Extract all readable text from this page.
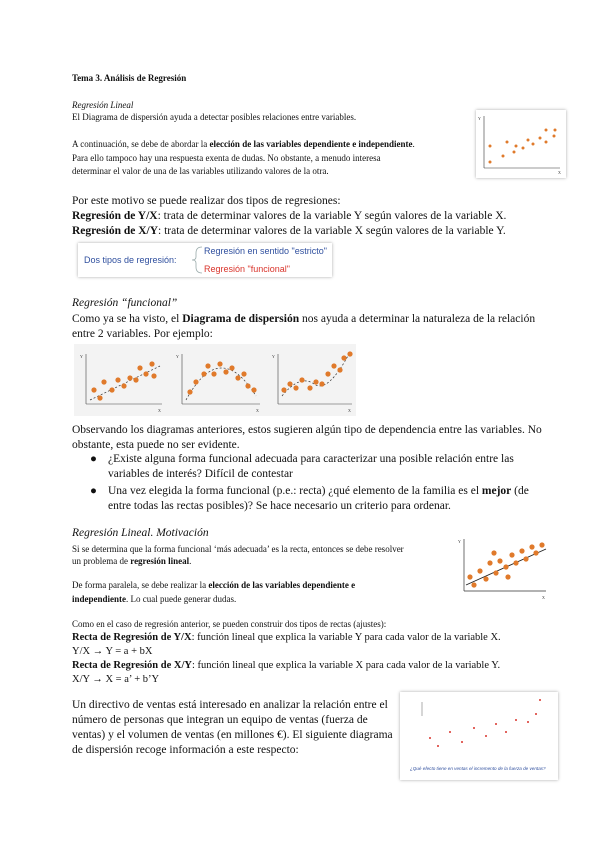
Tema 3. Análisis de Regresión
Regresión Lineal
El Diagrama de dispersión ayuda a detectar posibles relaciones entre variables.
A continuación, se debe de abordar la elección de las variables dependiente e independiente.
Para ello tampoco hay una respuesta exenta de dudas. No obstante, a menudo interesa
determinar el valor de una de las variables utilizando valores de la otra.
Y
X
Por este motivo se puede realizar dos tipos de regresiones:
Regresión de Y/X: trata de determinar valores de la variable Y según valores de la variable X.
Regresión de X/Y: trata de determinar valores de la variable X según valores de la variable Y.
Dos tipos de regresión:
Regresión en sentido "estricto"
Regresión "funcional"
Regresión “funcional”
Como ya se ha visto, el Diagrama de dispersión nos ayuda a determinar la naturaleza de la relación
entre 2 variables. Por ejemplo:
Y
X
Y
X
Y
X
Observando los diagramas anteriores, estos sugieren algún tipo de dependencia entre las variables. No
obstante, esta puede no ser evidente.
● ¿Existe alguna forma funcional adecuada para caracterizar una posible relación entre las
variables de interés? Difícil de contestar
● Una vez elegida la forma funcional (p.e.: recta) ¿qué elemento de la familia es el mejor (de
entre todas las rectas posibles)? Se hace necesario un criterio para ordenar.
Regresión Lineal. Motivación
Si se determina que la forma funcional ‘más adecuada’ es la recta, entonces se debe resolver
un problema de regresión lineal.
De forma paralela, se debe realizar la elección de las variables dependiente e
independiente. Lo cual puede generar dudas.
Y
X
Como en el caso de regresión anterior, se pueden construir dos tipos de rectas (ajustes):
Recta de Regresión de Y/X: función lineal que explica la variable Y para cada valor de la variable X.
Y/X → Y = a + bX
Recta de Regresión de X/Y: función lineal que explica la variable X para cada valor de la variable Y.
X/Y → X = a’ + b’Y
Un directivo de ventas está interesado en analizar la relación entre el
número de personas que integran un equipo de ventas (fuerza de
ventas) y el volumen de ventas (en millones €). El siguiente diagrama
de dispersión recoge información a este respecto:
¿Qué efecto tiene en ventas el incremento de la fuerza de ventas?
